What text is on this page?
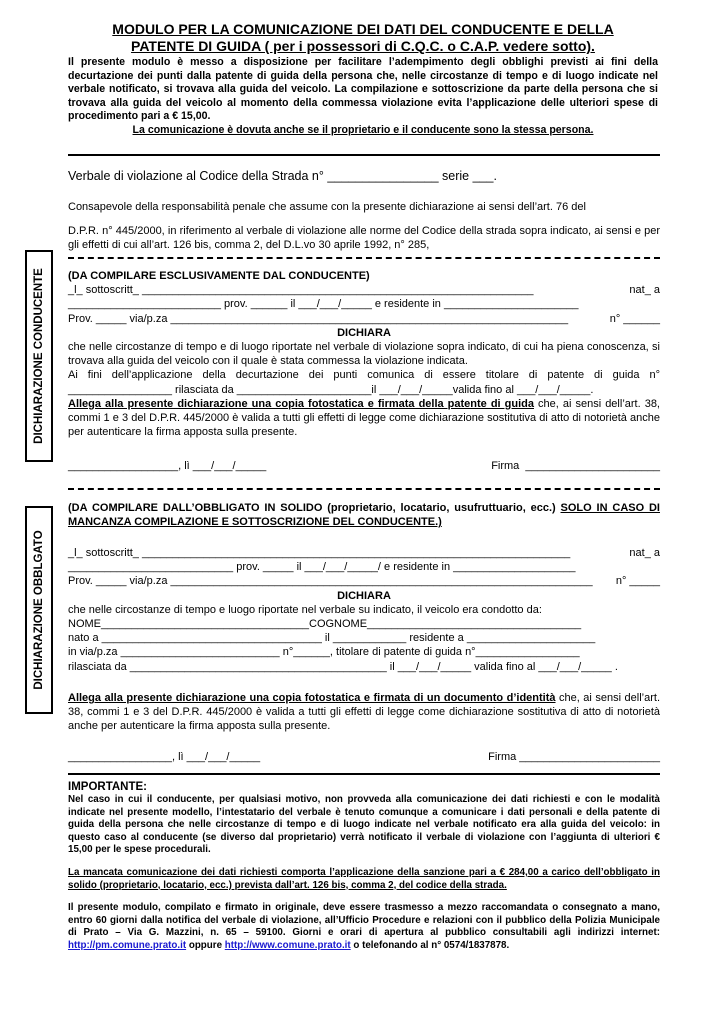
MODULO PER LA COMUNICAZIONE DEI DATI DEL CONDUCENTE E DELLA
PATENTE DI GUIDA ( per i possessori di C.Q.C. o C.A.P. vedere sotto).

Il presente modulo è messo a disposizione per facilitare l’adempimento degli obblighi previsti ai fini della decurtazione dei punti dalla patente di guida della persona che, nelle circostanze di tempo e di luogo indicate nel verbale notificato, si trovava alla guida del veicolo. La compilazione e sottoscrizione da parte della persona che si trovava alla guida del veicolo al momento della commessa violazione evita l’applicazione delle ulteriori spese di procedimento pari a € 15,00.

La comunicazione è dovuta anche se il proprietario e il conducente sono la stessa persona.

Verbale di violazione al Codice della Strada n° ________________ serie ___.
Consapevole della responsabilità penale che assume con la presente dichiarazione ai sensi dell’art. 76 del
D.P.R. n° 445/2000, in riferimento al verbale di violazione alle norme del Codice della strada sopra indicato, ai sensi e per gli effetti di cui all’art. 126 bis, comma 2, del D.L.vo 30 aprile 1992, n° 285,
DICHIARAZIONE CONDUCENTE (DA COMPILARE ESCLUSIVAMENTE DAL CONDUCENTE)

_l_ sottoscritt_ ________________________________________________________________	nat_ a

_________________________ prov. ______ il ___/___/_____ e residente in ______________________

Prov. _____ via/p.za _________________________________________________________________	n° ______

DICHIARA

che nelle circostanze di tempo e di luogo riportate nel verbale di violazione sopra indicato, di cui ha piena conoscenza, si trovava alla guida del veicolo con il quale è stata commessa la violazione indicata.

Ai fini dell’applicazione della decurtazione dei punti comunica di essere titolare di patente di guida n° _________________ rilasciata da ______________________il ___/___/_____valida fino al ___/___/_____.

Allega alla presente dichiarazione una copia fotostatica e firmata della patente di guida che, ai sensi dell’art. 38, commi 1 e 3 del D.P.R. 445/2000 è valida a tutti gli effetti di legge come dichiarazione sostitutiva di atto di notorietà anche per autenticare la firma apposta sulla presente.

__________________, lì ___/___/_____	Firma  ______________________
DICHIARAZIONE OBBLGATO

(DA COMPILARE DALL’OBBLIGATO IN SOLIDO (proprietario, locatario, usufruttuario, ecc.) SOLO IN CASO DI MANCANZA COMPILAZIONE E SOTTOSCRIZIONE DEL CONDUCENTE.)

_l_ sottoscritt_ ______________________________________________________________________	nat_ a

___________________________ prov. _____ il ___/___/_____/ e residente in ____________________

Prov. _____ via/p.za _____________________________________________________________________ n° _____

DICHIARA

che nelle circostanze di tempo e luogo riportate nel verbale su indicato, il veicolo era condotto da:

NOME__________________________________COGNOME___________________________________

nato a ____________________________________ il ____________ residente a _____________________

in via/p.za __________________________ n°______, titolare di patente di guida n°_________________

rilasciata da __________________________________________ il ___/___/_____ valida fino al ___/___/_____ .

Allega alla presente dichiarazione una copia fotostatica e firmata di un documento d’identità che, ai sensi dell’art. 38, commi 1 e 3 del D.P.R. 445/2000 è valida a tutti gli effetti di legge come dichiarazione sostitutiva di atto di notorietà anche per autenticare la firma apposta sulla presente.

_________________, lì ___/___/_____	Firma _______________________

IMPORTANTE:

Nel caso in cui il conducente, per qualsiasi motivo, non provveda alla comunicazione dei dati richiesti e con le modalità indicate nel presente modello, l’intestatario del verbale è tenuto comunque a comunicare i dati personali e della patente di guida della persona che nelle circostanze di tempo e di luogo indicate nel verbale notificato era alla guida del veicolo: in questo caso al conducente (se diverso dal proprietario) verrà notificato il verbale di violazione con l’aggiunta di ulteriori € 15,00 per le spese procedurali.

La mancata comunicazione dei dati richiesti comporta l’applicazione della sanzione pari a € 284,00 a carico dell’obbligato in solido (proprietario, locatario, ecc.) prevista dall’art. 126 bis, comma 2, del codice della strada.

Il presente modulo, compilato e firmato in originale, deve essere trasmesso a mezzo raccomandata o consegnato a mano, entro 60 giorni dalla notifica del verbale di violazione, all’Ufficio Procedure e relazioni con il pubblico della Polizia Municipale di Prato – Via G. Mazzini, n. 65 – 59100. Giorni e orari di apertura al pubblico consultabili agli indirizzi internet: http://pm.comune.prato.it oppure http://www.comune.prato.it o telefonando al n° 0574/1837878.
